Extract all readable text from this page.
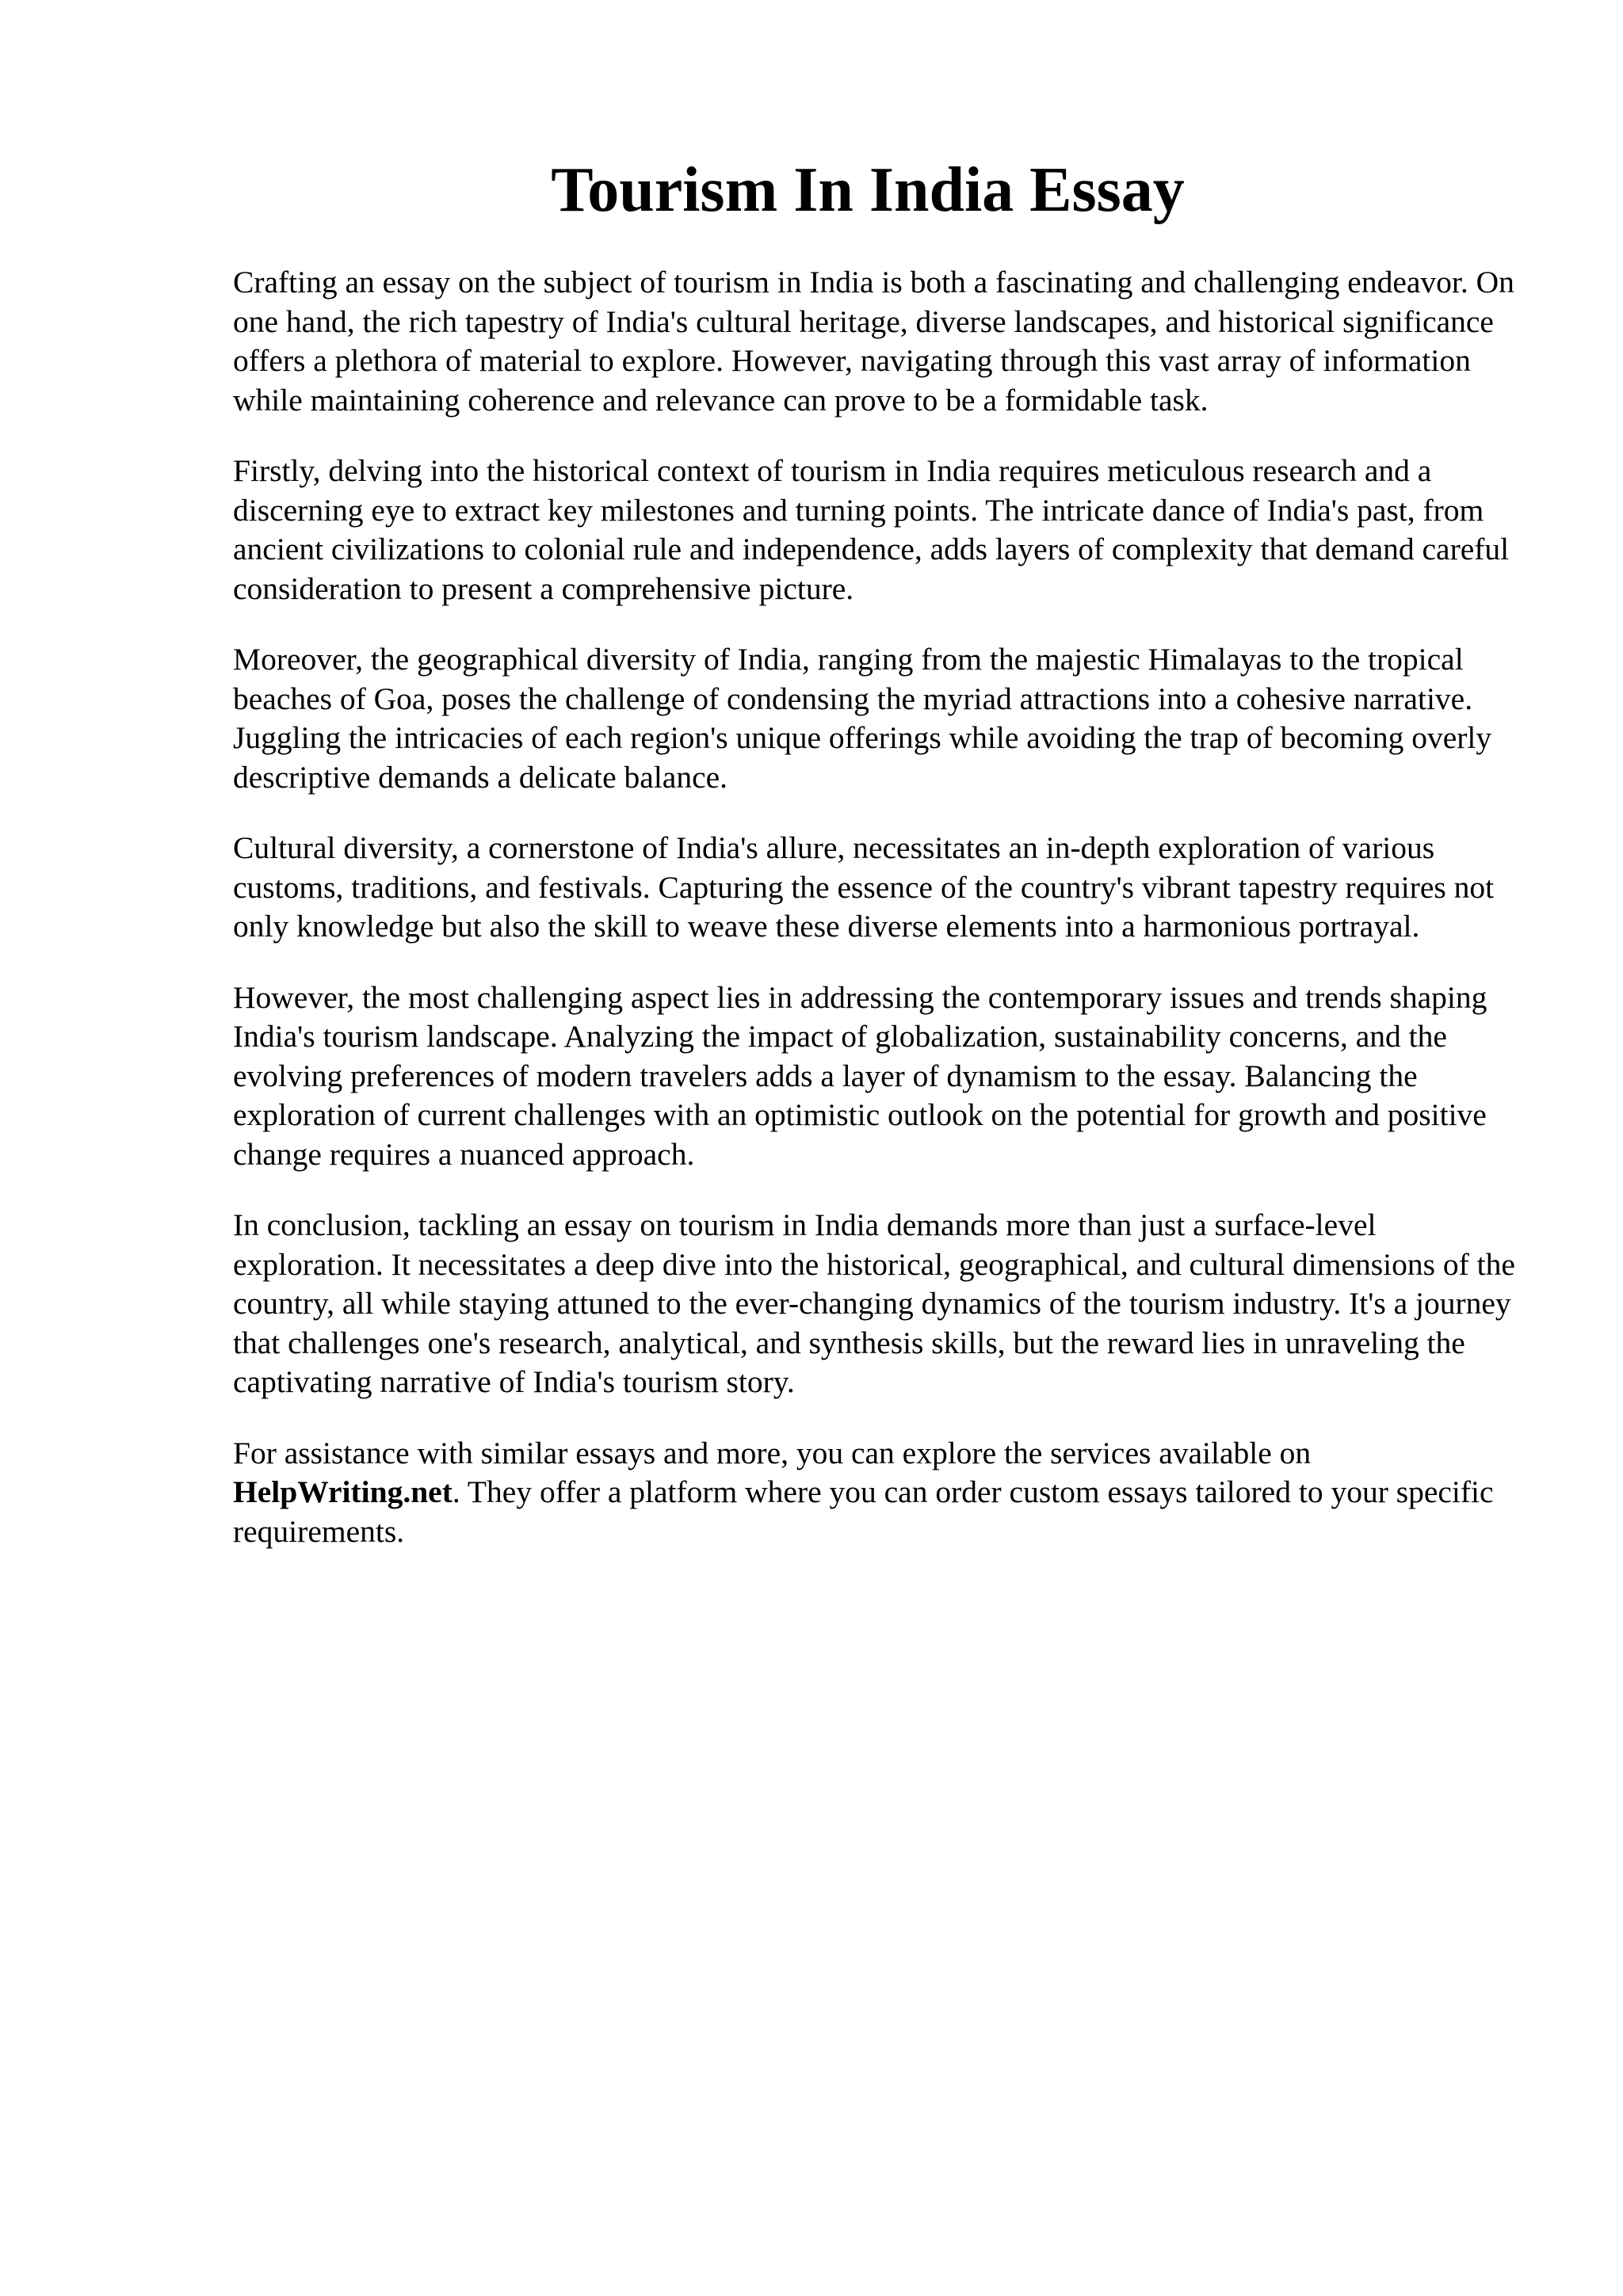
Tourism In India Essay

Crafting an essay on the subject of tourism in India is both a fascinating and challenging endeavor. On one hand, the rich tapestry of India's cultural heritage, diverse landscapes, and historical significance offers a plethora of material to explore. However, navigating through this vast array of information while maintaining coherence and relevance can prove to be a formidable task.

Firstly, delving into the historical context of tourism in India requires meticulous research and a discerning eye to extract key milestones and turning points. The intricate dance of India's past, from ancient civilizations to colonial rule and independence, adds layers of complexity that demand careful consideration to present a comprehensive picture.

Moreover, the geographical diversity of India, ranging from the majestic Himalayas to the tropical beaches of Goa, poses the challenge of condensing the myriad attractions into a cohesive narrative. Juggling the intricacies of each region's unique offerings while avoiding the trap of becoming overly descriptive demands a delicate balance.

Cultural diversity, a cornerstone of India's allure, necessitates an in-depth exploration of various customs, traditions, and festivals. Capturing the essence of the country's vibrant tapestry requires not only knowledge but also the skill to weave these diverse elements into a harmonious portrayal.

However, the most challenging aspect lies in addressing the contemporary issues and trends shaping India's tourism landscape. Analyzing the impact of globalization, sustainability concerns, and the evolving preferences of modern travelers adds a layer of dynamism to the essay. Balancing the exploration of current challenges with an optimistic outlook on the potential for growth and positive change requires a nuanced approach.

In conclusion, tackling an essay on tourism in India demands more than just a surface-level exploration. It necessitates a deep dive into the historical, geographical, and cultural dimensions of the country, all while staying attuned to the ever-changing dynamics of the tourism industry. It's a journey that challenges one's research, analytical, and synthesis skills, but the reward lies in unraveling the captivating narrative of India's tourism story.

For assistance with similar essays and more, you can explore the services available on HelpWriting.net. They offer a platform where you can order custom essays tailored to your specific requirements.
